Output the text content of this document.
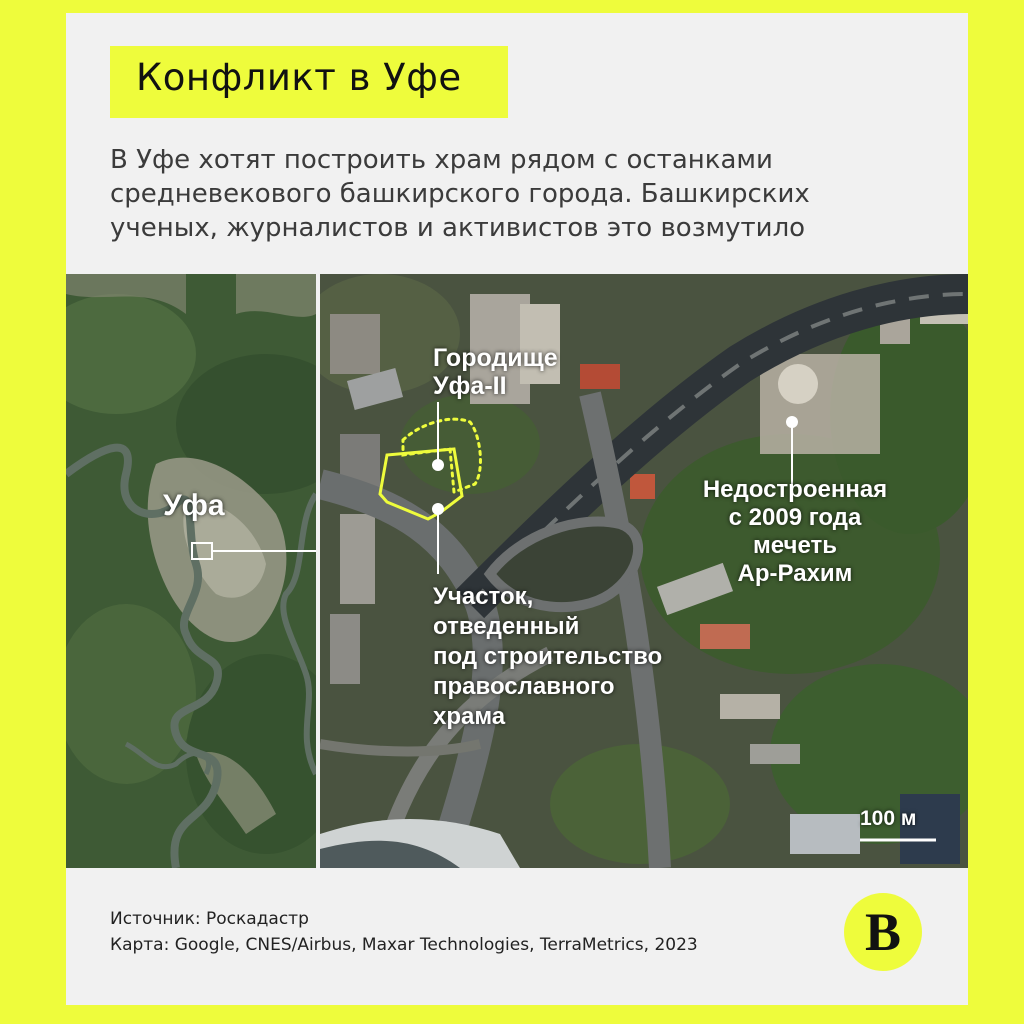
Конфликт в Уфе
В Уфе хотят построить храм рядом с останками
средневекового башкирского города. Башкирских
ученых, журналистов и активистов это возмутило
Уфа
Городище
Уфа-II
Недостроенная
с 2009 года
мечеть
Ар-Рахим
Участок,
отведенный
под строительство
православного
храма
100 м
Источник: Роскадастр
Карта: Google, CNES/Airbus, Maxar Technologies, TerraMetrics, 2023	В
